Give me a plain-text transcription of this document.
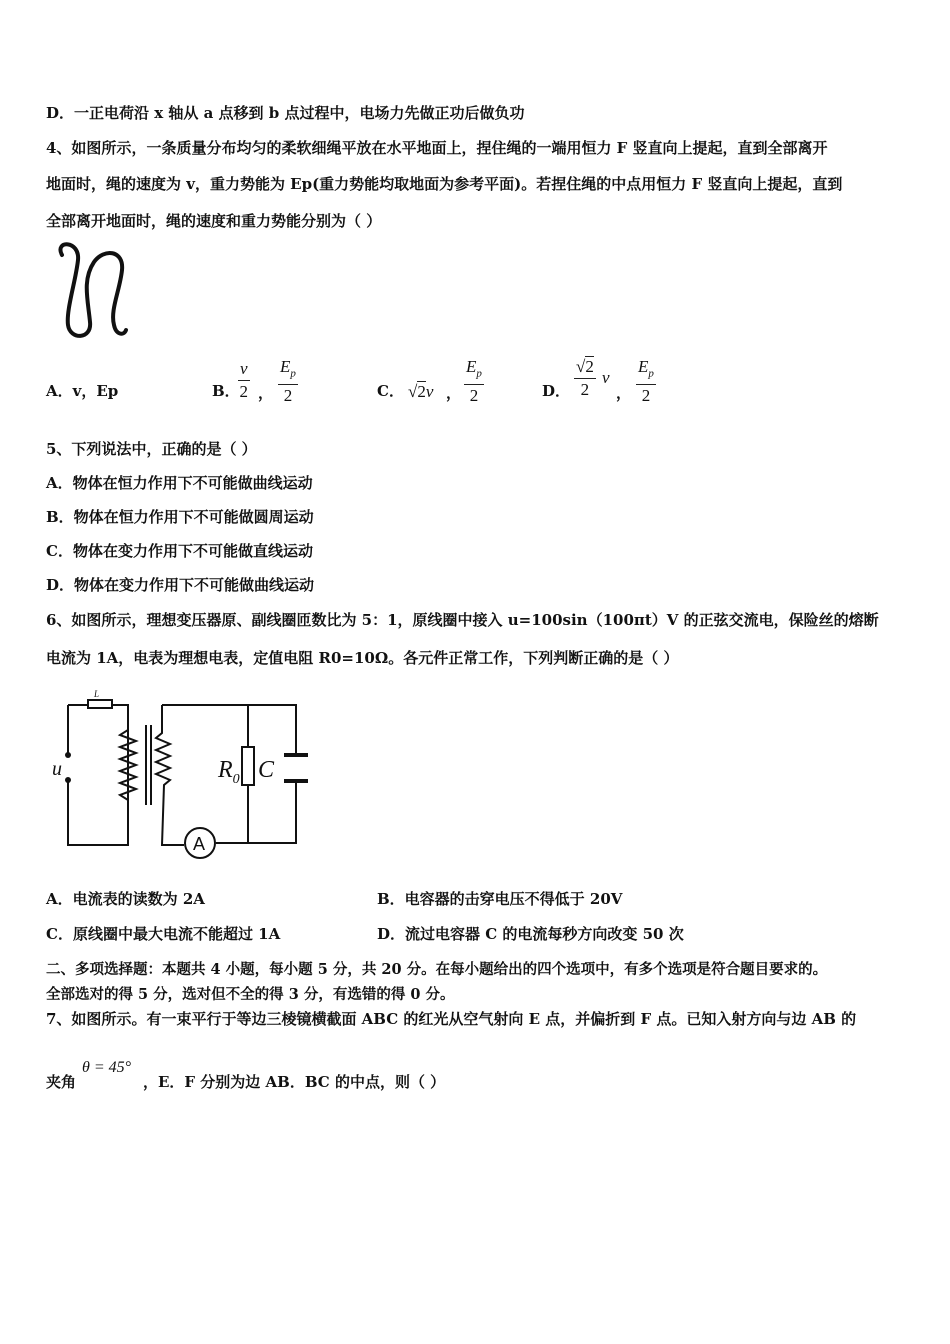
D．一正电荷沿 x 轴从 a 点移到 b 点过程中，电场力先做正功后做负功
4、如图所示，一条质量分布均匀的柔软细绳平放在水平地面上，捏住绳的一端用恒力 F 竖直向上提起，直到全部离开
地面时，绳的速度为 v，重力势能为 Ep(重力势能均取地面为参考平面)。若捏住绳的中点用恒力 F 竖直向上提起，直到
全部离开地面时，绳的速度和重力势能分别为（ ）
A．v，Ep	B．
$\frac{v}{2}$ ， $\frac{E_p}{2}$	C． √2v ， $\frac{E_p}{2}$	D． $\frac{√2}{2}$ v
， $\frac{E_p}{2}$
5、下列说法中，正确的是（ ）
A．物体在恒力作用下不可能做曲线运动
B．物体在恒力作用下不可能做圆周运动
C．物体在变力作用下不可能做直线运动
D．物体在变力作用下不可能做曲线运动
6、如图所示，理想变压器原、副线圈匝数比为 5：1，原线圈中接入 u=100sin（100πt）V 的正弦交流电，保险丝的熔断
电流为 1A，电表为理想电表，定值电阻 R0=10Ω。各元件正常工作，下列判断正确的是（ ）
u
L
$R_0$ C
A
A．电流表的读数为 2A	B．电容器的击穿电压不得低于 20V
C．原线圈中最大电流不能超过 1A	D．流过电容器 C 的电流每秒方向改变 50 次
二、多项选择题：本题共 4 小题，每小题 5 分，共 20 分。在每小题给出的四个选项中，有多个选项是符合题目要求的。
全部选对的得 5 分，选对但不全的得 3 分，有选错的得 0 分。
7、如图所示。有一束平行于等边三棱镜横截面 ABC 的红光从空气射向 E 点，并偏折到 F 点。已知入射方向与边 AB 的
夹角
θ = 45°
，E．F 分别为边 AB．BC 的中点，则（ ）
